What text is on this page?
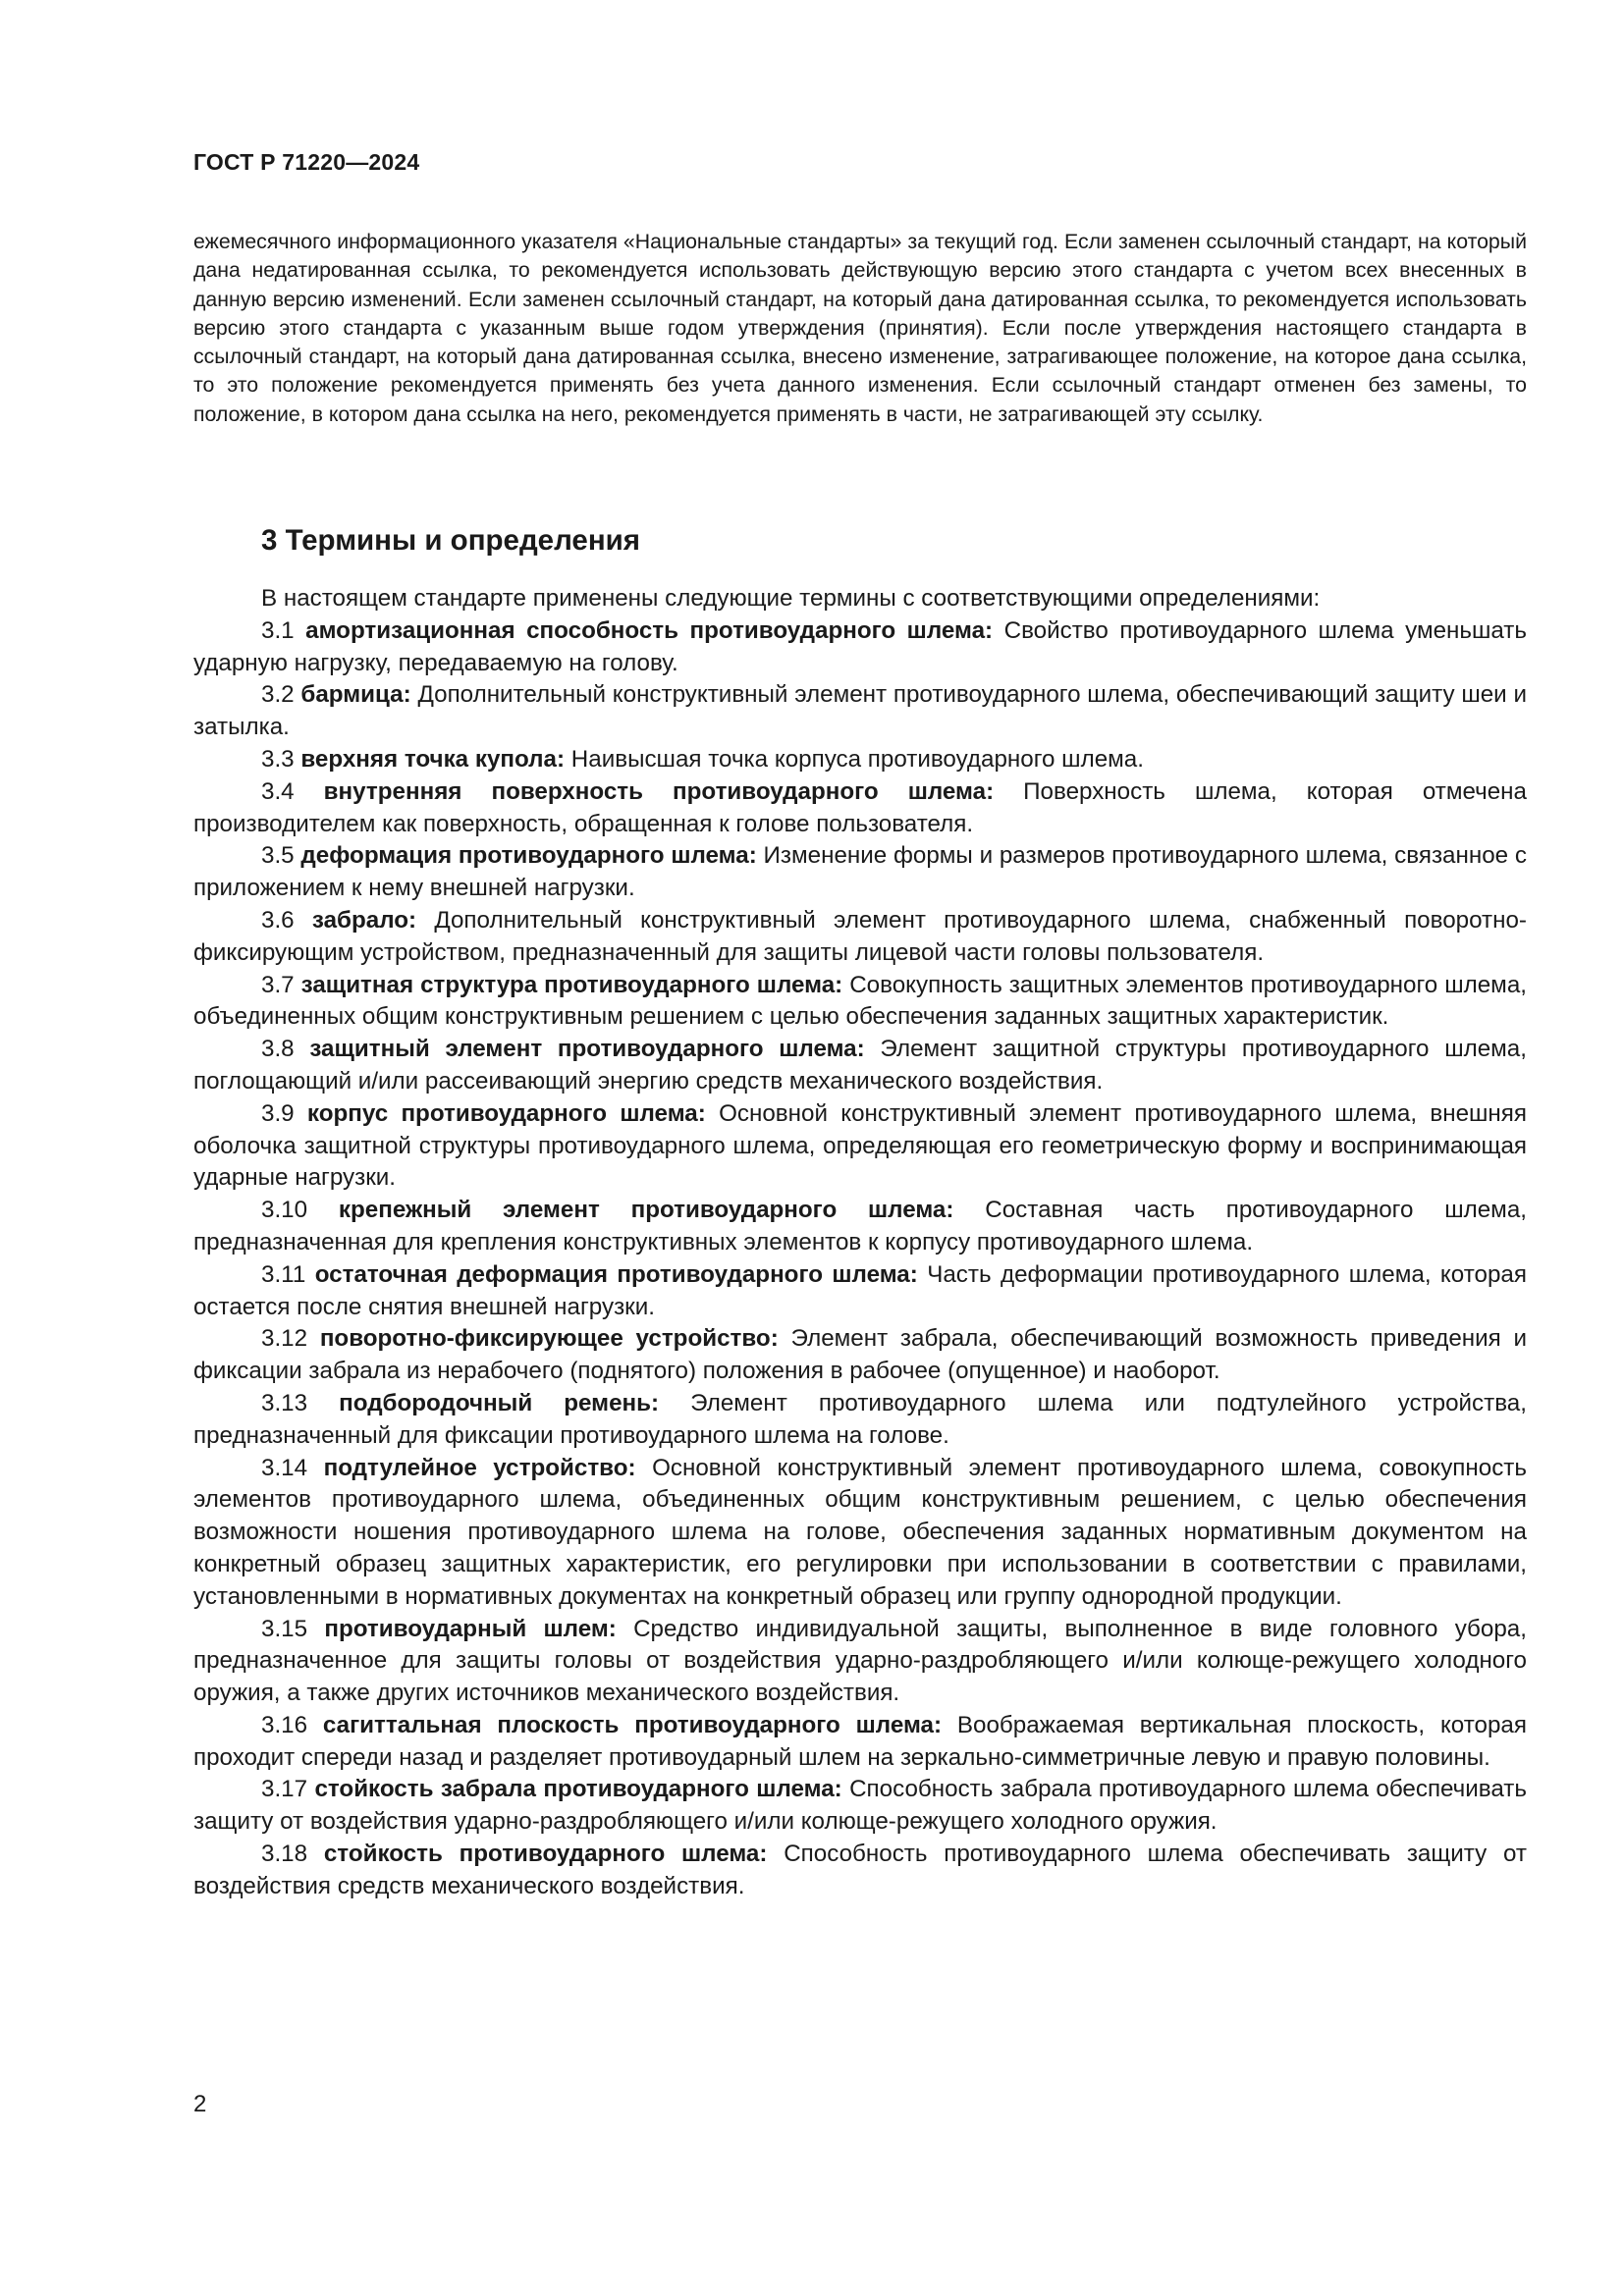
ГОСТ Р 71220—2024
ежемесячного информационного указателя «Национальные стандарты» за текущий год. Если заменен ссылочный стандарт, на который дана недатированная ссылка, то рекомендуется использовать действующую версию этого стандарта с учетом всех внесенных в данную версию изменений. Если заменен ссылочный стандарт, на который дана датированная ссылка, то рекомендуется использовать версию этого стандарта с указанным выше годом утверждения (принятия). Если после утверждения настоящего стандарта в ссылочный стандарт, на который дана датированная ссылка, внесено изменение, затрагивающее положение, на которое дана ссылка, то это положение рекомендуется применять без учета данного изменения. Если ссылочный стандарт отменен без замены, то положение, в котором дана ссылка на него, рекомендуется применять в части, не затрагивающей эту ссылку.
3 Термины и определения

В настоящем стандарте применены следующие термины с соответствующими определениями:

3.1 амортизационная способность противоударного шлема: Свойство противоударного шлема уменьшать ударную нагрузку, передаваемую на голову.

3.2 бармица: Дополнительный конструктивный элемент противоударного шлема, обеспечивающий защиту шеи и затылка.

3.3 верхняя точка купола: Наивысшая точка корпуса противоударного шлема.

3.4 внутренняя поверхность противоударного шлема: Поверхность шлема, которая отмечена производителем как поверхность, обращенная к голове пользователя.

3.5 деформация противоударного шлема: Изменение формы и размеров противоударного шлема, связанное с приложением к нему внешней нагрузки.

3.6 забрало: Дополнительный конструктивный элемент противоударного шлема, снабженный поворотно-фиксирующим устройством, предназначенный для защиты лицевой части головы пользователя.

3.7 защитная структура противоударного шлема: Совокупность защитных элементов противоударного шлема, объединенных общим конструктивным решением с целью обеспечения заданных защитных характеристик.

3.8 защитный элемент противоударного шлема: Элемент защитной структуры противоударного шлема, поглощающий и/или рассеивающий энергию средств механического воздействия.

3.9 корпус противоударного шлема: Основной конструктивный элемент противоударного шлема, внешняя оболочка защитной структуры противоударного шлема, определяющая его геометрическую форму и воспринимающая ударные нагрузки.

3.10 крепежный элемент противоударного шлема: Составная часть противоударного шлема, предназначенная для крепления конструктивных элементов к корпусу противоударного шлема.

3.11 остаточная деформация противоударного шлема: Часть деформации противоударного шлема, которая остается после снятия внешней нагрузки.

3.12 поворотно-фиксирующее устройство: Элемент забрала, обеспечивающий возможность приведения и фиксации забрала из нерабочего (поднятого) положения в рабочее (опущенное) и наоборот.

3.13 подбородочный ремень: Элемент противоударного шлема или подтулейного устройства, предназначенный для фиксации противоударного шлема на голове.

3.14 подтулейное устройство: Основной конструктивный элемент противоударного шлема, совокупность элементов противоударного шлема, объединенных общим конструктивным решением, с целью обеспечения возможности ношения противоударного шлема на голове, обеспечения заданных нормативным документом на конкретный образец защитных характеристик, его регулировки при использовании в соответствии с правилами, установленными в нормативных документах на конкретный образец или группу однородной продукции.

3.15 противоударный шлем: Средство индивидуальной защиты, выполненное в виде головного убора, предназначенное для защиты головы от воздействия ударно-раздробляющего и/или колюще-режущего холодного оружия, а также других источников механического воздействия.

3.16 сагиттальная плоскость противоударного шлема: Воображаемая вертикальная плоскость, которая проходит спереди назад и разделяет противоударный шлем на зеркально-симметричные левую и правую половины.

3.17 стойкость забрала противоударного шлема: Способность забрала противоударного шлема обеспечивать защиту от воздействия ударно-раздробляющего и/или колюще-режущего холодного оружия.

3.18 стойкость противоударного шлема: Способность противоударного шлема обеспечивать защиту от воздействия средств механического воздействия.

2
